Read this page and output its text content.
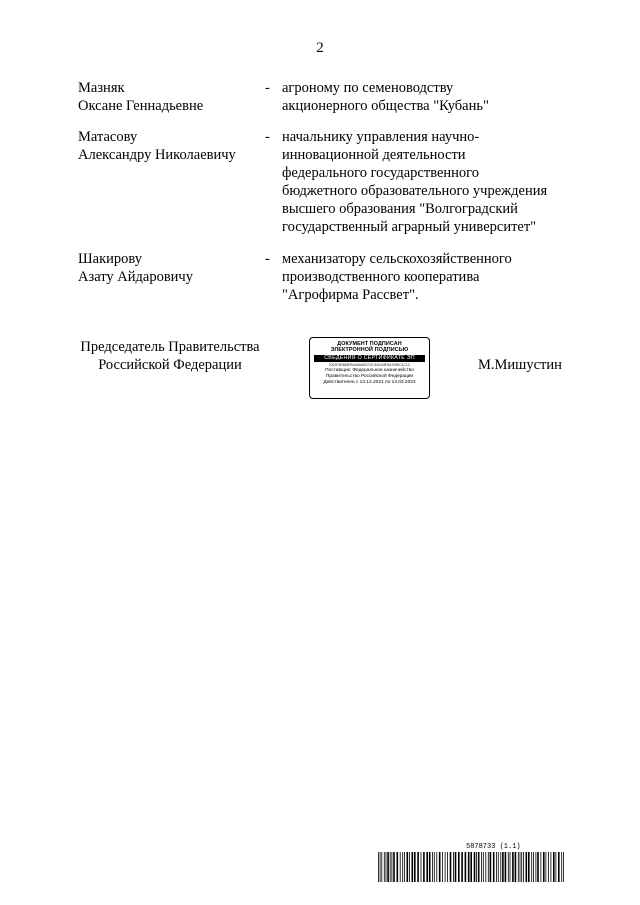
2
Мазняк
Оксане Геннадьевне
- агроному по семеноводству
акционерного общества "Кубань"
Матасову
Александру Николаевичу
- начальнику управления научно-
инновационной деятельности
федерального государственного
бюджетного образовательного учреждения
высшего образования "Волгоградский
государственный аграрный университет"
Шакирову
Азату Айдаровичу
- механизатору сельскохозяйственного
производственного кооператива
"Агрофирма Рассвет".
Председатель Правительства
Российской Федерации
ДОКУМЕНТ ПОДПИСАН
ЭЛЕКТРОННОЙ ПОДПИСЬЮ
СВЕДЕНИЯ О СЕРТИФИКАТЕ ЭП
2022F3E868FBA0A6AED7DCE6CA5F6A7089C1C1C
Поставщик: Федеральное казначейство
Правительство Российской Федерации
Действителен с 13.12.2021 по 13.03.2023
М.Мишустин
5878733 (1.1)
